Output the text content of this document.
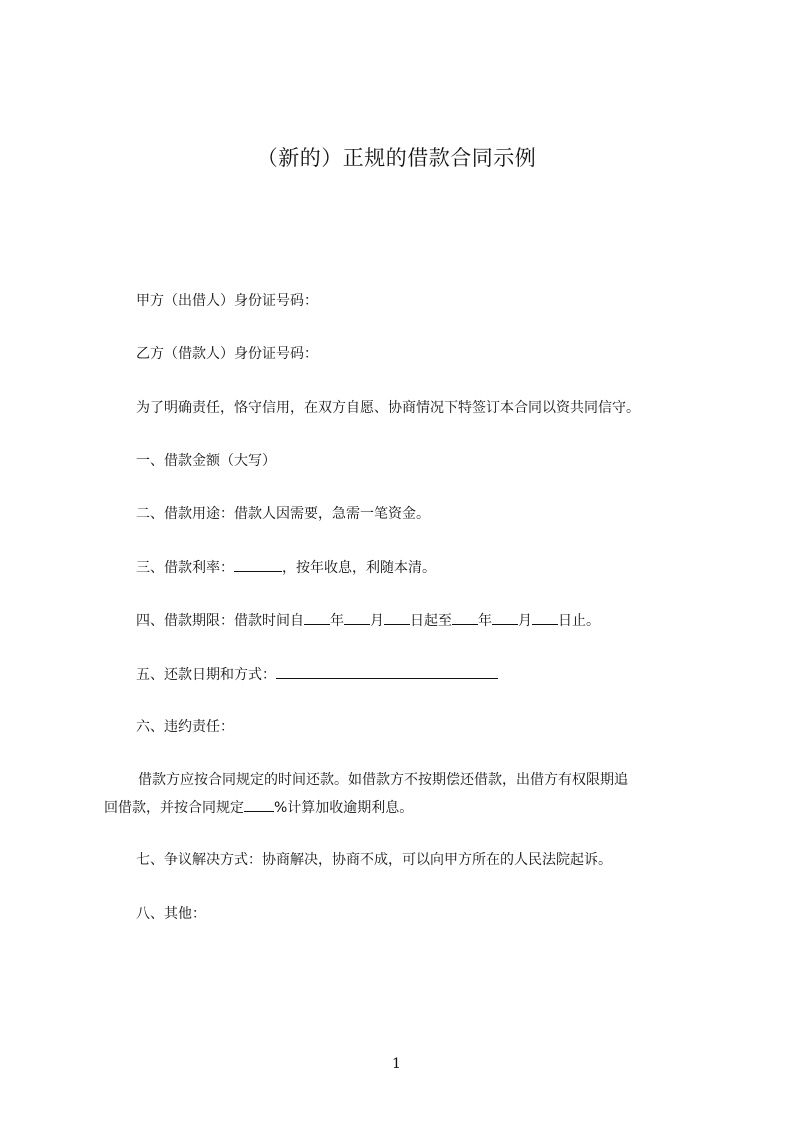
（新的）正规的借款合同示例
甲方（出借人）身份证号码：
乙方（借款人）身份证号码：
为了明确责任，恪守信用，在双方自愿、协商情况下特签订本合同以资共同信守。
一、借款金额（大写）
二、借款用途：借款人因需要，急需一笔资金。
三、借款利率：	，按年收息，利随本清。
四、借款期限：借款时间自 年 月 日起至 年 月 日止。
五、还款日期和方式：
六、违约责任：
借款方应按合同规定的时间还款。如借款方不按期偿还借款，出借方有权限期追
回借款，并按合同规定 %计算加收逾期利息。
七、争议解决方式：协商解决，协商不成，可以向甲方所在的人民法院起诉。
八、其他：
1
